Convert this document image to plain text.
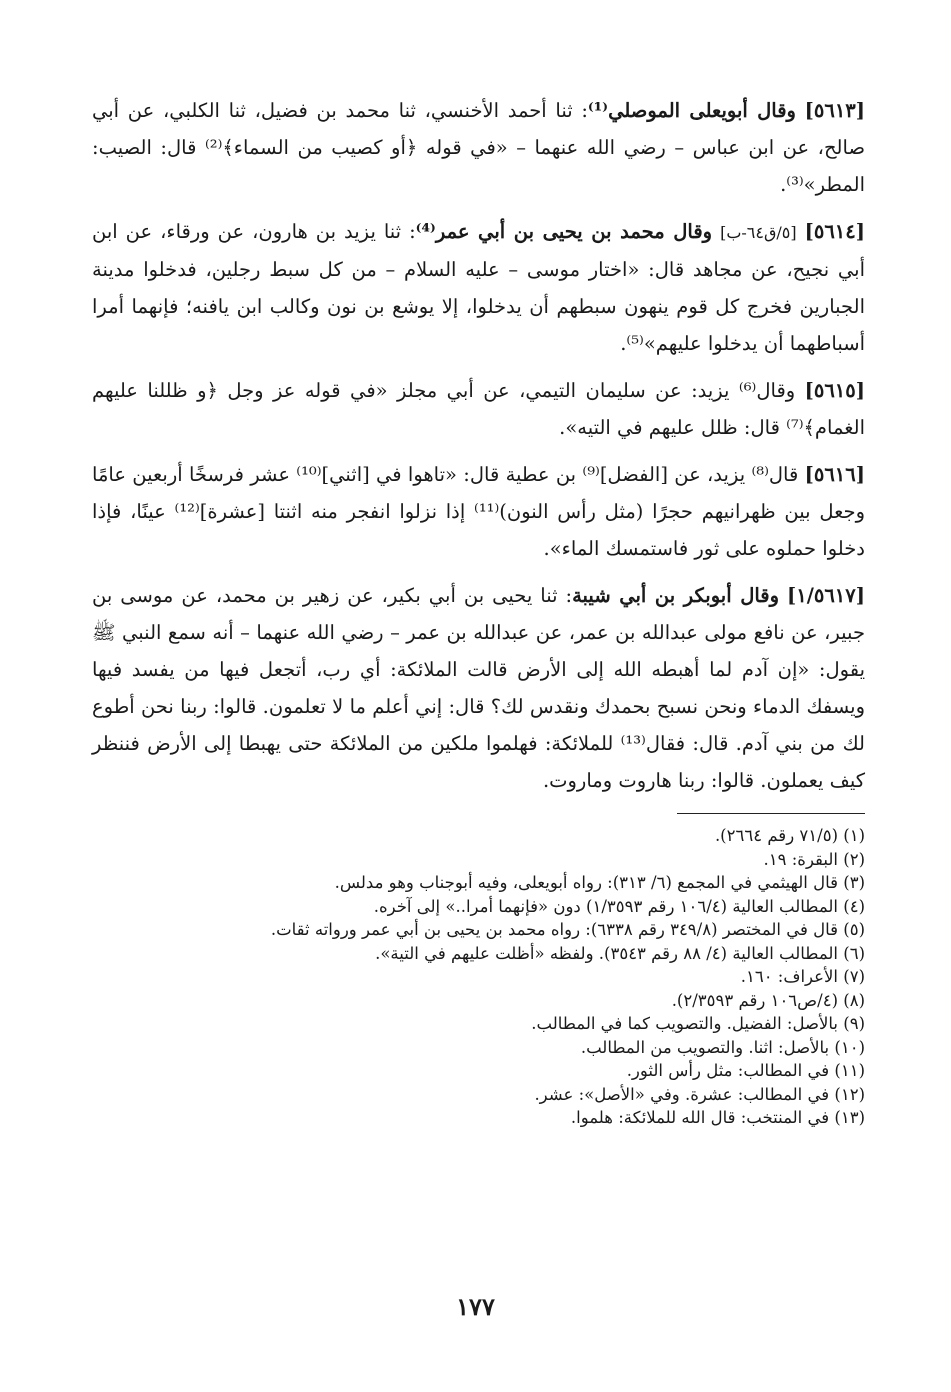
[٥٦١٣] وقال أبويعلى الموصلي⁽¹⁾: ثنا أحمد الأخنسي، ثنا محمد بن فضيل، ثنا الكلبي، عن أبي صالح، عن ابن عباس – رضي الله عنهما – «في قوله ﴿أو كصيب من السماء﴾⁽²⁾ قال: الصيب: المطر»⁽³⁾.
[٥٦١٤] [٥/ق٦٤-ب] وقال محمد بن يحيى بن أبي عمر⁽⁴⁾: ثنا يزيد بن هارون، عن ورقاء، عن ابن أبي نجيح، عن مجاهد قال: «اختار موسى – عليه السلام – من كل سبط رجلين، فدخلوا مدينة الجبارين فخرج كل قوم ينهون سبطهم أن يدخلوا، إلا يوشع بن نون وكالب ابن يافنه؛ فإنهما أمرا أسباطهما أن يدخلوا عليهم»⁽⁵⁾.
[٥٦١٥] وقال⁽⁶⁾ يزيد: عن سليمان التيمي، عن أبي مجلز «في قوله عز وجل ﴿و ظللنا عليهم الغمام﴾⁽⁷⁾ قال: ظلل عليهم في التيه».
[٥٦١٦] قال⁽⁸⁾ يزيد، عن [الفضل]⁽⁹⁾ بن عطية قال: «تاهوا في [اثني]⁽¹⁰⁾ عشر فرسخًا أربعين عامًا وجعل بين ظهرانيهم حجرًا (مثل رأس النون)⁽¹¹⁾ إذا نزلوا انفجر منه اثنتا [عشرة]⁽¹²⁾ عينًا، فإذا دخلوا حملوه على ثور فاستمسك الماء».
[١/٥٦١٧] وقال أبوبكر بن أبي شيبة: ثنا يحيى بن أبي بكير، عن زهير بن محمد، عن موسى بن جبير، عن نافع مولى عبدالله بن عمر، عن عبدالله بن عمر – رضي الله عنهما – أنه سمع النبي ﷺ يقول: «إن آدم لما أهبطه الله إلى الأرض قالت الملائكة: أي رب، أتجعل فيها من يفسد فيها ويسفك الدماء ونحن نسبح بحمدك ونقدس لك؟ قال: إني أعلم ما لا تعلمون. قالوا: ربنا نحن أطوع لك من بني آدم. قال: فقال⁽¹³⁾ للملائكة: فهلموا ملكين من الملائكة حتى يهبطا إلى الأرض فننظر كيف يعملون. قالوا: ربنا هاروت وماروت.
(١) (٧١/٥ رقم ٢٦٦٤).
(٢) البقرة: ١٩.
(٣) قال الهيثمي في المجمع (٦/ ٣١٣): رواه أبويعلى، وفيه أبوجناب وهو مدلس.
(٤) المطالب العالية (١٠٦/٤ رقم ١/٣٥٩٣) دون «فإنهما أمرا..» إلى آخره.
(٥) قال في المختصر (٣٤٩/٨ رقم ٦٣٣٨): رواه محمد بن يحيى بن أبي عمر ورواته ثقات.
(٦) المطالب العالية (٤/ ٨٨ رقم ٣٥٤٣). ولفظه «أظلت عليهم في التية».
(٧) الأعراف: ١٦٠.
(٨) (٤/ص١٠٦ رقم ٢/٣٥٩٣).
(٩) بالأصل: الفضيل. والتصويب كما في المطالب.
(١٠) بالأصل: اثنا. والتصويب من المطالب.
(١١) في المطالب: مثل رأس الثور.
(١٢) في المطالب: عشرة. وفي «الأصل»: عشر.
(١٣) في المنتخب: قال الله للملائكة: هلموا.
١٧٧
